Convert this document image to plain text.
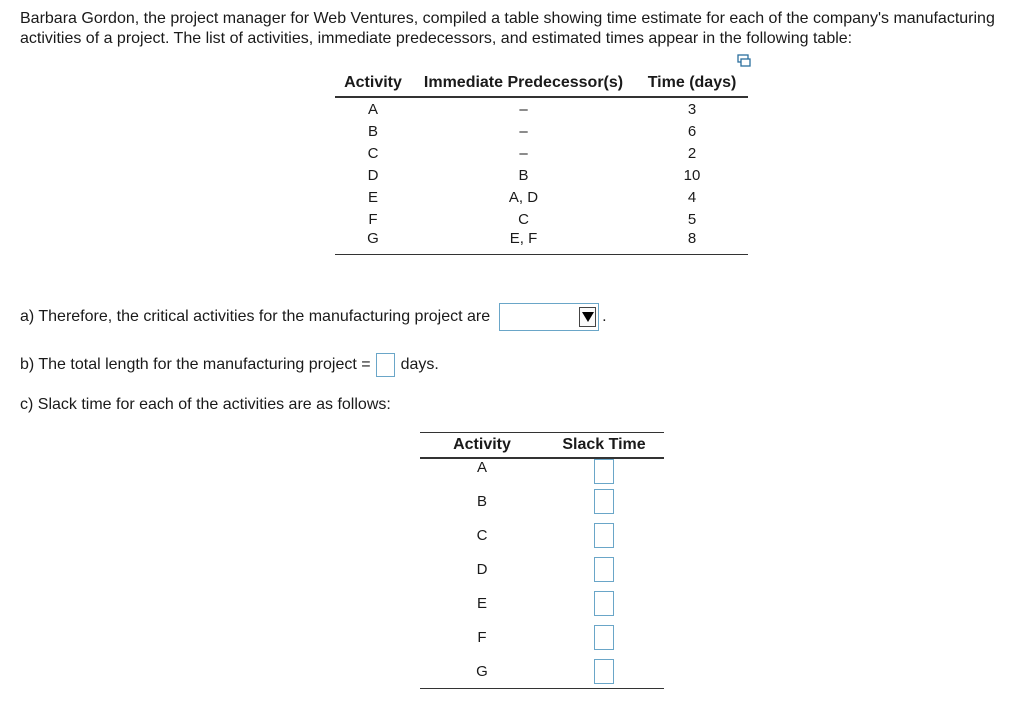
Barbara Gordon, the project manager for Web Ventures, compiled a table showing time estimate for each of the company's manufacturing activities of a project. The list of activities, immediate predecessors, and estimated times appear in the following table:
Activity	Immediate Predecessor(s)	Time (days)
A	–	3
B	–	6
C	–	2
D	B	10
E	A, D	4
F	C	5
G	E, F	8
a) Therefore, the critical activities for the manufacturing project are	.
b) The total length for the manufacturing project = days.
c) Slack time for each of the activities are as follows:
Activity	Slack Time
A	
B	
C	
D	
E	
F	
G	
